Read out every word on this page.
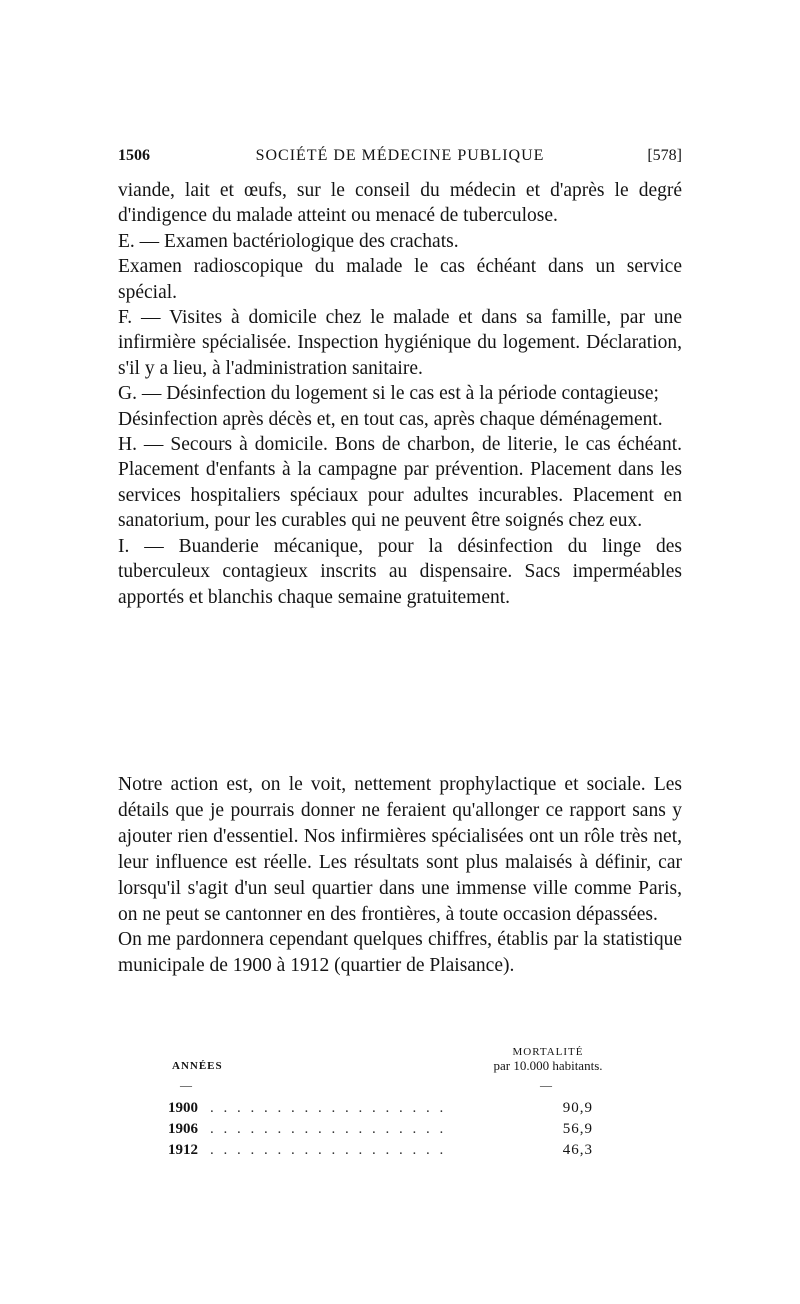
1506	SOCIÉTÉ DE MÉDECINE PUBLIQUE	[578]

viande, lait et œufs, sur le conseil du médecin et d'après le degré d'indigence du malade atteint ou menacé de tuberculose.

E. — Examen bactériologique des crachats.

Examen radioscopique du malade le cas échéant dans un service spécial.

F. — Visites à domicile chez le malade et dans sa famille, par une infirmière spécialisée. Inspection hygiénique du logement. Déclaration, s'il y a lieu, à l'administration sanitaire.

G. — Désinfection du logement si le cas est à la période contagieuse;

Désinfection après décès et, en tout cas, après chaque déménagement.

H. — Secours à domicile. Bons de charbon, de literie, le cas échéant. Placement d'enfants à la campagne par prévention. Placement dans les services hospitaliers spéciaux pour adultes incurables. Placement en sanatorium, pour les curables qui ne peuvent être soignés chez eux.

I. — Buanderie mécanique, pour la désinfection du linge des tuberculeux contagieux inscrits au dispensaire. Sacs imperméables apportés et blanchis chaque semaine gratuitement.

Notre action est, on le voit, nettement prophylactique et sociale. Les détails que je pourrais donner ne feraient qu'allonger ce rapport sans y ajouter rien d'essentiel. Nos infirmières spécialisées ont un rôle très net, leur influence est réelle. Les résultats sont plus malaisés à définir, car lorsqu'il s'agit d'un seul quartier dans une immense ville comme Paris, on ne peut se cantonner en des frontières, à toute occasion dépassées.

On me pardonnera cependant quelques chiffres, établis par la statistique municipale de 1900 à 1912 (quartier de Plaisance).

ANNÉES
MORTALITÉ
par 10.000 habitants.
—	—
1900 . . . . . . . . . . . . . . . . . .	90,9
1906 . . . . . . . . . . . . . . . . . .	56,9
1912 . . . . . . . . . . . . . . . . . .	46,3
